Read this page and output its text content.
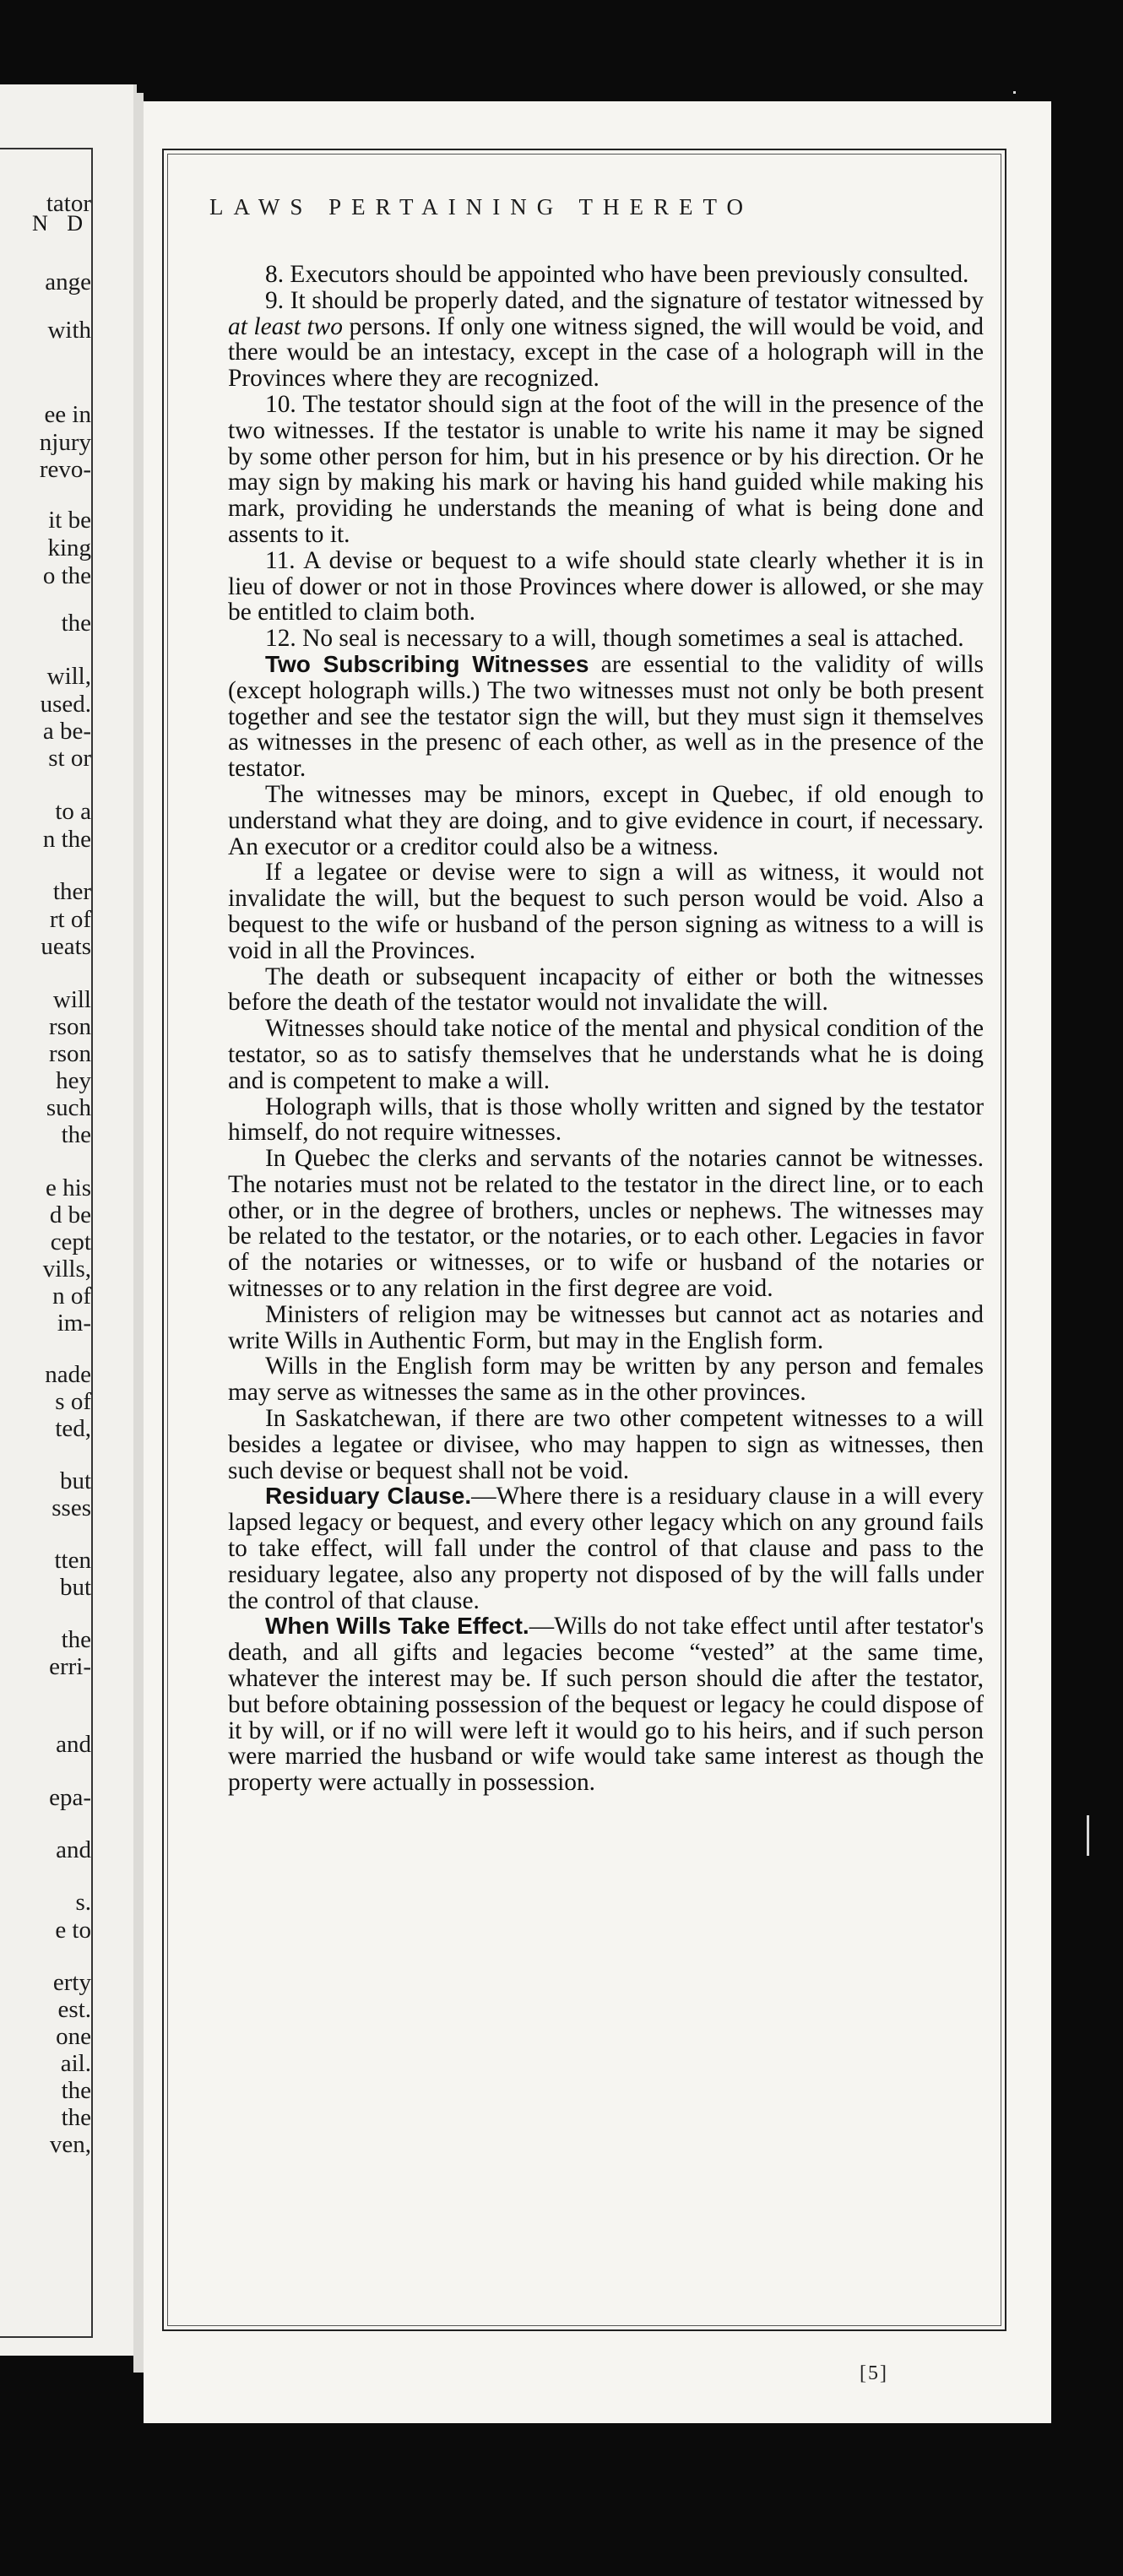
N D
tator
ange
with
ee in
njury
revo-
it be
king
o the
the
will,
used.
a be-
st or
to a
n the
ther
rt of
ueats
will
rson
rson
hey
such
the
e his
d be
cept
vills,
n of
im-
nade
s of
ted,
but
sses
tten
but
the
erri-
and
epa-
and
s.
e to
erty
est.
one
ail.
the
the
ven,
LAWS PERTAINING THERETO

8. Executors should be appointed who have been previously consulted.

9. It should be properly dated, and the signature of testator witnessed by at least two persons. If only one witness signed, the will would be void, and there would be an intestacy, except in the case of a holograph will in the Provinces where they are recognized.

10. The testator should sign at the foot of the will in the presence of the two witnesses. If the testator is unable to write his name it may be signed by some other person for him, but in his presence or by his direction. Or he may sign by making his mark or having his hand guided while making his mark, providing he understands the meaning of what is being done and assents to it.

11. A devise or bequest to a wife should state clearly whether it is in lieu of dower or not in those Provinces where dower is allowed, or she may be entitled to claim both.

12. No seal is necessary to a will, though sometimes a seal is attached.

Two Subscribing Witnesses are essential to the validity of wills (except holograph wills.) The two witnesses must not only be both present together and see the testator sign the will, but they must sign it themselves as witnesses in the presenc of each other, as well as in the presence of the testator.

The witnesses may be minors, except in Quebec, if old enough to understand what they are doing, and to give evidence in court, if necessary. An executor or a creditor could also be a witness.

If a legatee or devise were to sign a will as witness, it would not invalidate the will, but the bequest to such person would be void. Also a bequest to the wife or husband of the person signing as witness to a will is void in all the Provinces.

The death or subsequent incapacity of either or both the witnesses before the death of the testator would not invalidate the will.

Witnesses should take notice of the mental and physical condition of the testator, so as to satisfy themselves that he understands what he is doing and is competent to make a will.

Holograph wills, that is those wholly written and signed by the testator himself, do not require witnesses.

In Quebec the clerks and servants of the notaries cannot be witnesses. The notaries must not be related to the testator in the direct line, or to each other, or in the degree of brothers, uncles or nephews. The witnesses may be related to the testator, or the notaries, or to each other. Legacies in favor of the notaries or witnesses, or to wife or husband of the notaries or witnesses or to any relation in the first degree are void.

Ministers of religion may be witnesses but cannot act as notaries and write Wills in Authentic Form, but may in the English form.

Wills in the English form may be written by any person and females may serve as witnesses the same as in the other provinces.

In Saskatchewan, if there are two other competent witnesses to a will besides a legatee or divisee, who may happen to sign as witnesses, then such devise or bequest shall not be void.

Residuary Clause.—Where there is a residuary clause in a will every lapsed legacy or bequest, and every other legacy which on any ground fails to take effect, will fall under the control of that clause and pass to the residuary legatee, also any property not disposed of by the will falls under the control of that clause.

When Wills Take Effect.—Wills do not take effect until after testator's death, and all gifts and legacies become “vested” at the same time, whatever the interest may be. If such person should die after the testator, but before obtaining possession of the bequest or legacy he could dispose of it by will, or if no will were left it would go to his heirs, and if such person were married the husband or wife would take same interest as though the property were actually in possession.

[5]
